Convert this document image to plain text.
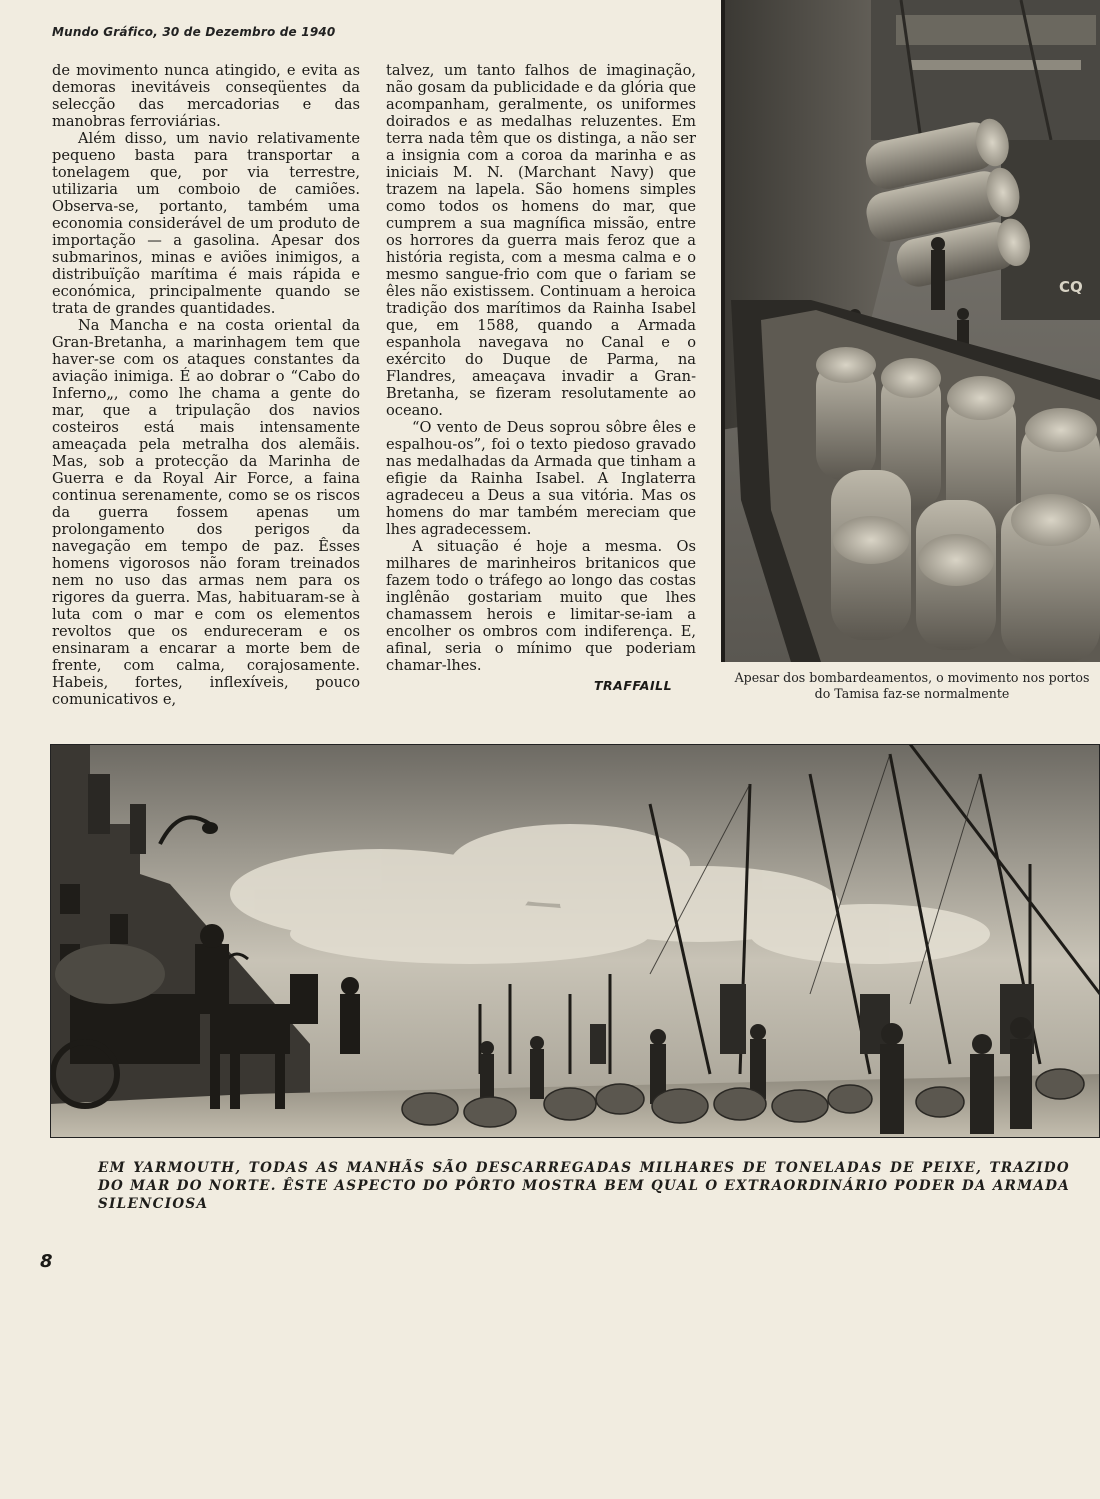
Mundo Gráfico, 30 de Dezembro de 1940

de movimento nunca atingido, e evita as demoras inevitáveis conseqüentes da selecção das mercadorias e das manobras ferroviárias.

Além disso, um navio relativamente pequeno basta para transportar a tonelagem que, por via terrestre, utilizaria um comboio de camiões. Observa-se, portanto, também uma economia considerável de um produto de importação — a gasolina. Apesar dos submarinos, minas e aviões inimigos, a distribuïção marítima é mais rápida e económica, principalmente quando se trata de grandes quantidades.

Na Mancha e na costa oriental da Gran-Bretanha, a marinhagem tem que haver-se com os ataques constantes da aviação inimiga. É ao dobrar o “Cabo do Inferno„, como lhe chama a gente do mar, que a tripulação dos navios costeiros está mais intensamente ameaçada pela metralha dos alemãis. Mas, sob a protecção da Marinha de Guerra e da Royal Air Force, a faina continua serenamente, como se os riscos da guerra fossem apenas um prolongamento dos perigos da navegação em tempo de paz. Êsses homens vigorosos não foram treinados nem no uso das armas nem para os rigores da guerra. Mas, habituaram-se à luta com o mar e com os elementos revoltos que os endureceram e os ensinaram a encarar a morte bem de frente, com calma, corajosamente. Habeis, fortes, inflexíveis, pouco comunicativos e,

talvez, um tanto falhos de imaginação, não gosam da publicidade e da glória que acompanham, geralmente, os uniformes doirados e as medalhas reluzentes. Em terra nada têm que os distinga, a não ser a insignia com a coroa da marinha e as iniciais M. N. (Marchant Navy) que trazem na lapela. São homens simples como todos os homens do mar, que cumprem a sua magnífica missão, entre os horrores da guerra mais feroz que a história regista, com a mesma calma e o mesmo sangue-frio com que o fariam se êles não existissem. Continuam a heroica tradição dos marítimos da Rainha Isabel que, em 1588, quando a Armada espanhola navegava no Canal e o exército do Duque de Parma, na Flandres, ameaçava invadir a Gran-Bretanha, se fizeram resolutamente ao oceano.

“O vento de Deus soprou sôbre êles e espalhou-os”, foi o texto piedoso gravado nas medalhadas da Armada que tinham a efigie da Rainha Isabel. A Inglaterra agradeceu a Deus a sua vitória. Mas os homens do mar também mereciam que lhes agradecessem.

A situação é hoje a mesma. Os milhares de marinheiros britanicos que fazem todo o tráfego ao longo das costas inglênão gostariam muito que lhes chamassem herois e limitar-se-iam a encolher os ombros com indiferença. E, afinal, seria o mínimo que poderiam chamar-lhes.

TRAFFAILL
CQ
Apesar dos bombardeamentos, o movimento nos portos do Tamisa faz-se normalmente
EM YARMOUTH, TODAS AS MANHÃS SÃO DESCARREGADAS MILHARES DE TONELADAS DE PEIXE, TRAZIDO DO MAR DO NORTE. ÊSTE ASPECTO DO PÔRTO MOSTRA BEM QUAL O EXTRAORDINÁRIO PODER DA ARMADA SILENCIOSA
8
